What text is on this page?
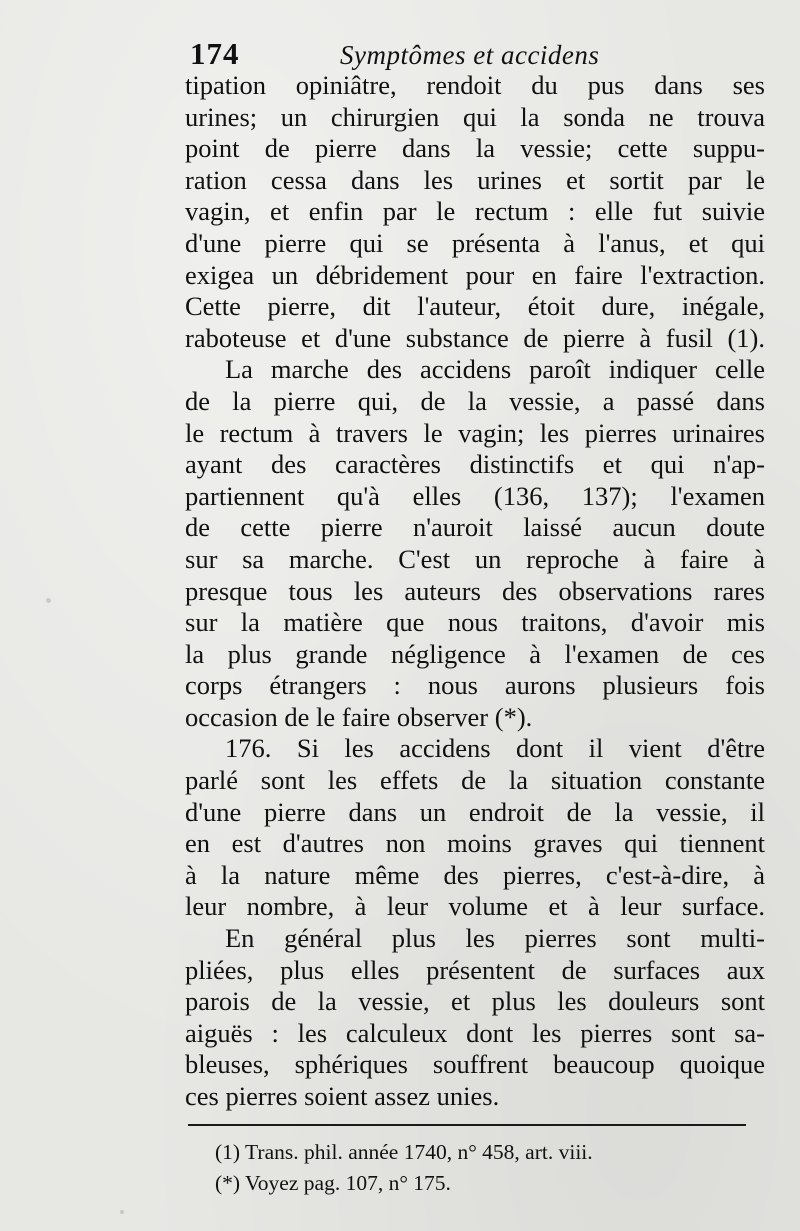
174	Symptômes et accidens
tipation opiniâtre, rendoit du pus dans ses
urines; un chirurgien qui la sonda ne trouva
point de pierre dans la vessie; cette suppu-
ration cessa dans les urines et sortit par le
vagin, et enfin par le rectum : elle fut suivie
d'une pierre qui se présenta à l'anus, et qui
exigea un débridement pour en faire l'extraction.
Cette pierre, dit l'auteur, étoit dure, inégale,
raboteuse et d'une substance de pierre à fusil (1).
La marche des accidens paroît indiquer celle
de la pierre qui, de la vessie, a passé dans
le rectum à travers le vagin; les pierres urinaires
ayant des caractères distinctifs et qui n'ap-
partiennent qu'à elles (136, 137); l'examen
de cette pierre n'auroit laissé aucun doute
sur sa marche. C'est un reproche à faire à
presque tous les auteurs des observations rares
sur la matière que nous traitons, d'avoir mis
la plus grande négligence à l'examen de ces
corps étrangers : nous aurons plusieurs fois
occasion de le faire observer (*).
176. Si les accidens dont il vient d'être
parlé sont les effets de la situation constante
d'une pierre dans un endroit de la vessie, il
en est d'autres non moins graves qui tiennent
à la nature même des pierres, c'est-à-dire, à
leur nombre, à leur volume et à leur surface.
En général plus les pierres sont multi-
pliées, plus elles présentent de surfaces aux
parois de la vessie, et plus les douleurs sont
aiguës : les calculeux dont les pierres sont sa-
bleuses, sphériques souffrent beaucoup quoique
ces pierres soient assez unies.
(1) Trans. phil. année 1740, n° 458, art. viii.
(*) Voyez pag. 107, n° 175.
